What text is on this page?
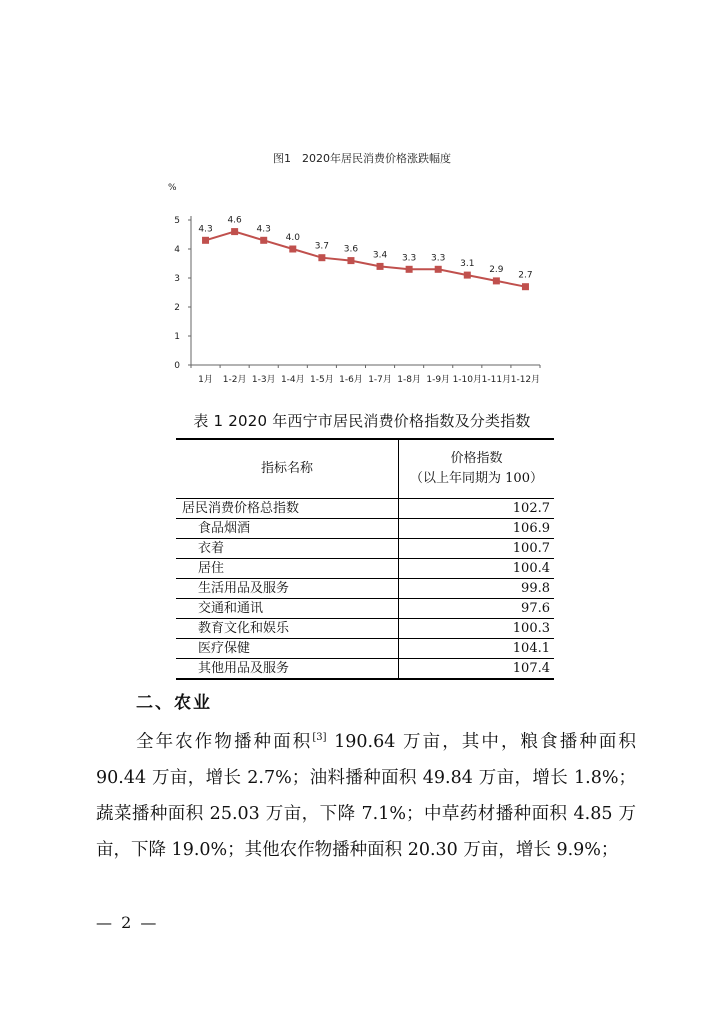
图1　2020年居民消费价格涨跌幅度
%
0
1
2
3
4
5
1月 1-2月 1-3月 1-4月 1-5月 1-6月 1-7月 1-8月 1-9月 1-10月 1-11月 1-12月
4.3
4.6
4.3
4.0
3.7 3.6
3.4 3.3 3.3
3.1
2.9
2.7
表 1 2020 年西宁市居民消费价格指数及分类指数
指标名称	价格指数
（以上年同期为 100）

居民消费价格总指数	102.7
食品烟酒	106.9
衣着	100.7
居住	100.4
生活用品及服务	99.8
交通和通讯	97.6
教育文化和娱乐	100.3
医疗保健	104.1
其他用品及服务	107.4
二、农业
全年农作物播种面积[3] 190.64 万亩，其中，粮食播种面积 90.44 万亩，增长 2.7%；油料播种面积 49.84 万亩，增长 1.8%；蔬菜播种面积 25.03 万亩，下降 7.1%；中草药材播种面积 4.85 万亩，下降 19.0%；其他农作物播种面积 20.30 万亩，增长 9.9%；
— 2 —
